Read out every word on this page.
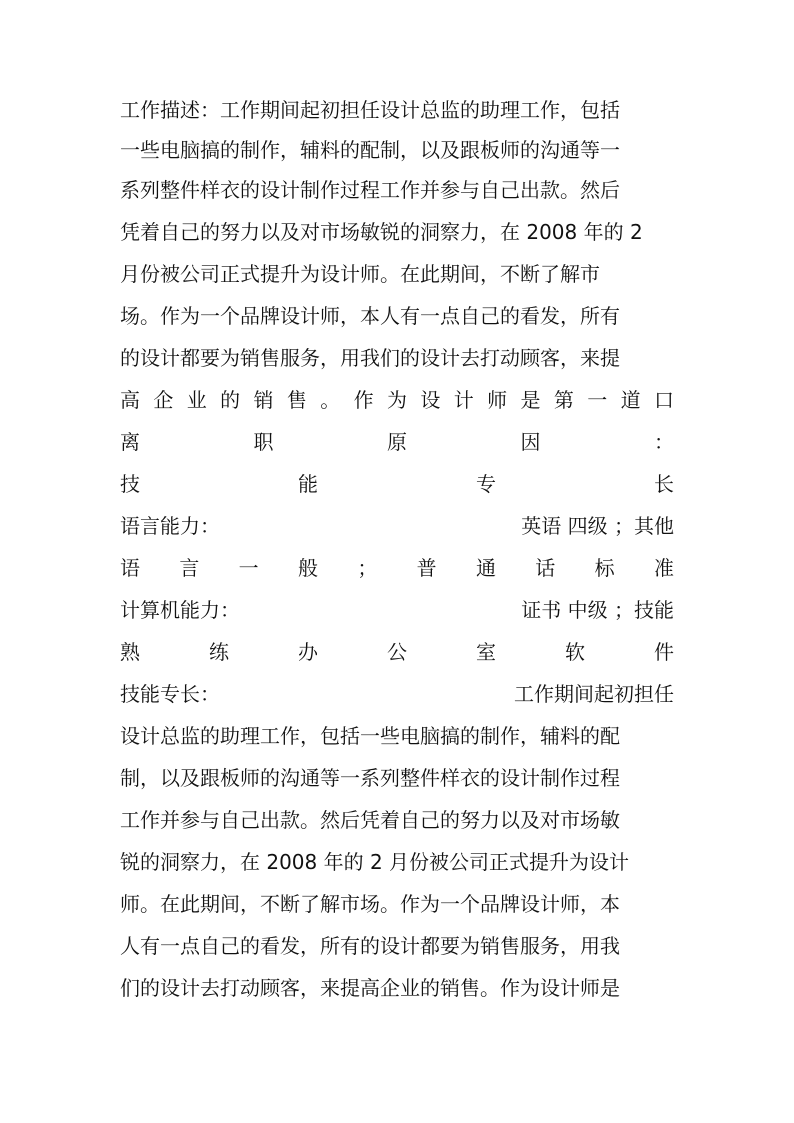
工作描述：工作期间起初担任设计总监的助理工作，包括
一些电脑搞的制作，辅料的配制，以及跟板师的沟通等一
系列整件样衣的设计制作过程工作并参与自己出款。然后
凭着自己的努力以及对市场敏锐的洞察力，在 2008 年的 2
月份被公司正式提升为设计师。在此期间，不断了解市
场。作为一个品牌设计师，本人有一点自己的看发，所有
的设计都要为销售服务，用我们的设计去打动顾客，来提
高 企 业 的 销 售 。 作 为 设 计 师 是 第 一 道 口
离	职	原	因	：
技	能	专	长
语言能力：	英语 四级 ；其他
语 言 一 般 ； 普 通 话 标 准
计算机能力：	证书 中级 ；技能
熟	练	办	公	室	软	件
技能专长：	工作期间起初担任
设计总监的助理工作，包括一些电脑搞的制作，辅料的配
制，以及跟板师的沟通等一系列整件样衣的设计制作过程
工作并参与自己出款。然后凭着自己的努力以及对市场敏
锐的洞察力，在 2008 年的 2 月份被公司正式提升为设计
师。在此期间，不断了解市场。作为一个品牌设计师，本
人有一点自己的看发，所有的设计都要为销售服务，用我
们的设计去打动顾客，来提高企业的销售。作为设计师是
